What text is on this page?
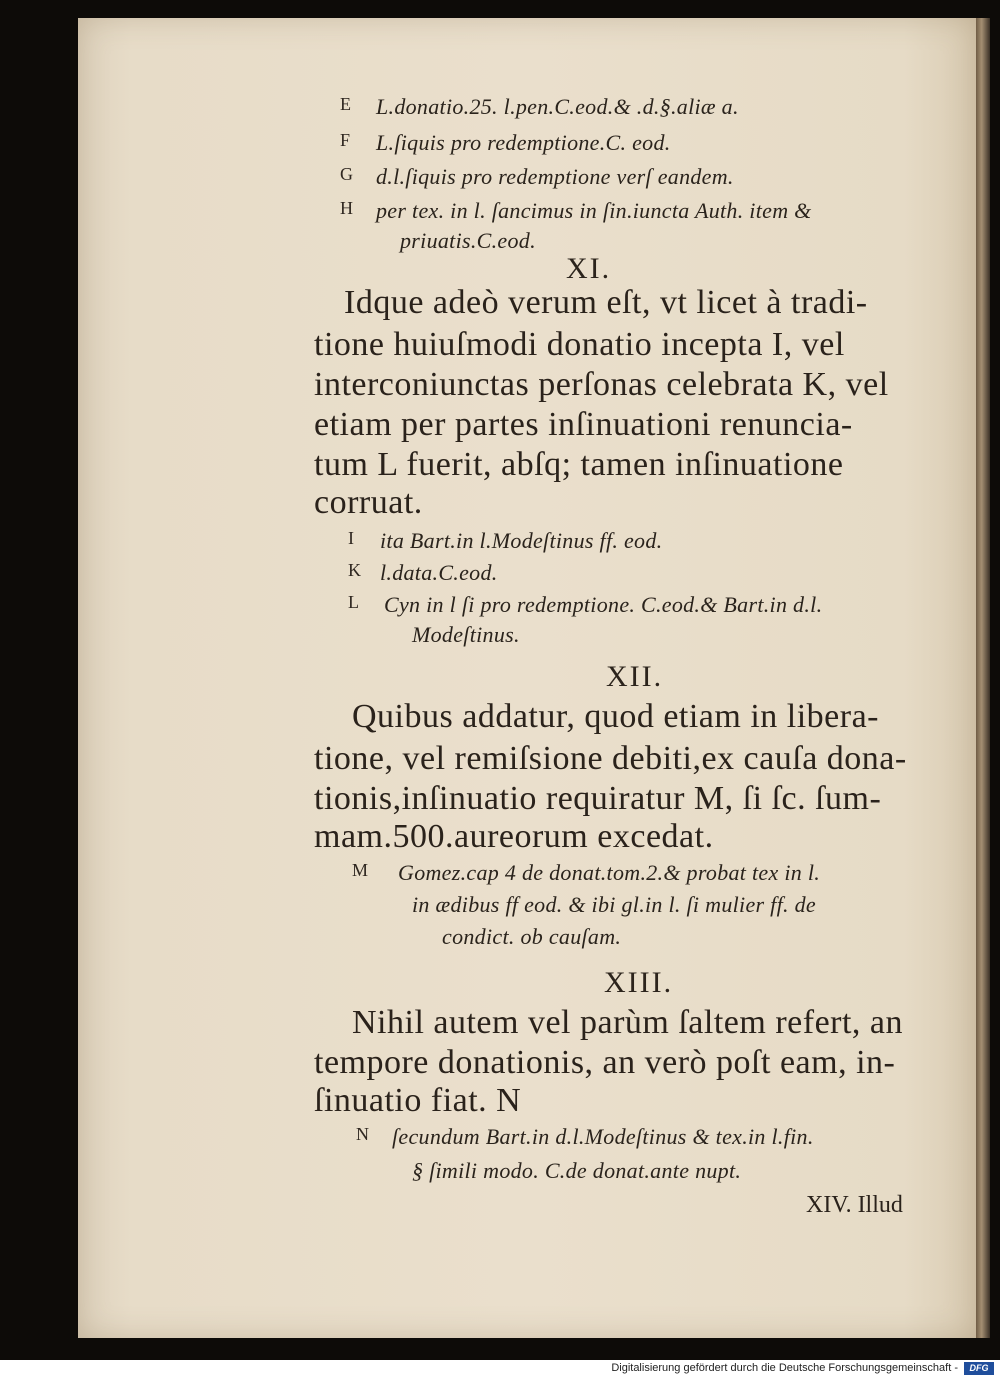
E L.donatio.25. l.pen.C.eod.& .d.§.aliæ a.
F L.ſiquis pro redemptione.C. eod.
G d.l.ſiquis pro redemptione verſ eandem.
H per tex. in l. ſancimus in ſin.iuncta Auth. item &
priuatis.C.eod.
XI.
Idque adeò verum eſt, vt licet à tradi-
tione huiuſmodi donatio incepta I, vel
interconiunctas perſonas celebrata K, vel
etiam per partes inſinuationi renuncia-
tum L fuerit, abſq; tamen inſinuatione
corruat.
I ita Bart.in l.Modeſtinus ff. eod.
K l.data.C.eod.
L Cyn in l ſi pro redemptione. C.eod.& Bart.in d.l.
Modeſtinus.
XII.
Quibus addatur, quod etiam in libera-
tione, vel remiſsione debiti,ex cauſa dona-
tionis,inſinuatio requiratur M, ſi ſc. ſum-
mam.500.aureorum excedat.
M Gomez.cap 4 de donat.tom.2.& probat tex in l.
in ædibus ff eod. & ibi gl.in l. ſi mulier ff. de
condict. ob cauſam.
XIII.
Nihil autem vel parùm ſaltem refert, an
tempore donationis, an verò poſt eam, in-
ſinuatio fiat. N
N ſecundum Bart.in d.l.Modeſtinus & tex.in l.fin.
§ ſimili modo. C.de donat.ante nupt.
XIV. Illud
Digitalisierung gefördert durch die Deutsche Forschungsgemeinschaft -	DFG
